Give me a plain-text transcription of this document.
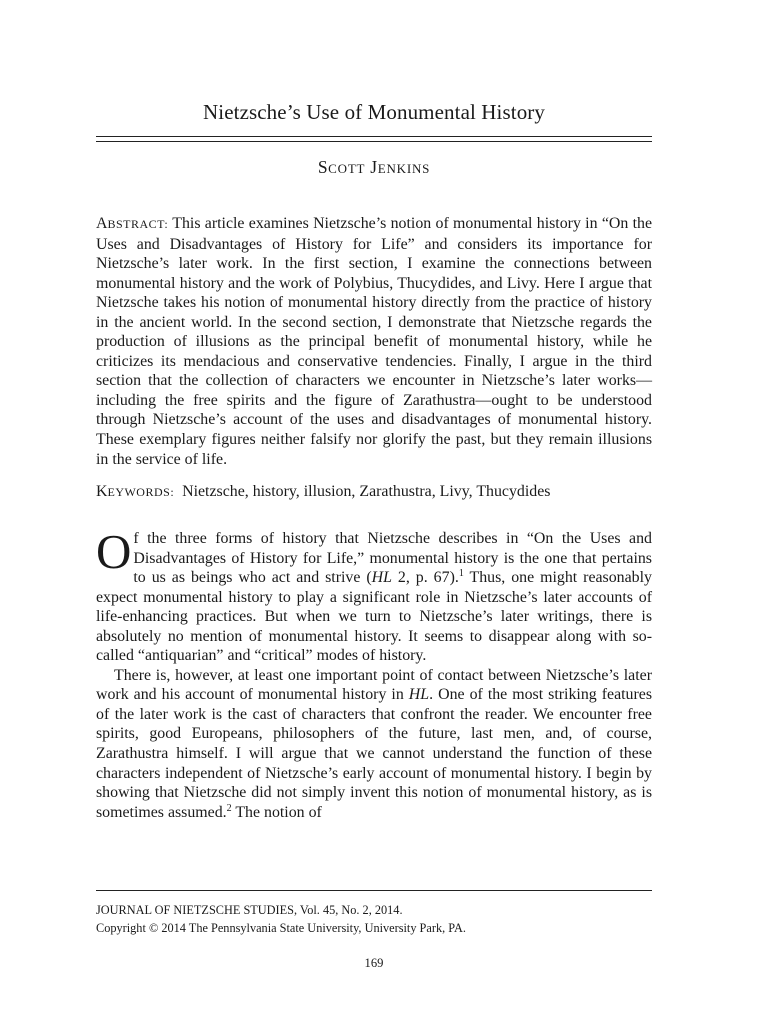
Nietzsche’s Use of Monumental History
SCOTT JENKINS

ABSTRACT: This article examines Nietzsche’s notion of monumental history in “On the Uses and Disadvantages of History for Life” and considers its importance for Nietzsche’s later work. In the first section, I examine the connections between monumental history and the work of Polybius, Thucydides, and Livy. Here I argue that Nietzsche takes his notion of monumental history directly from the practice of history in the ancient world. In the second section, I demonstrate that Nietzsche regards the production of illusions as the principal benefit of monumental history, while he criticizes its mendacious and conservative tendencies. Finally, I argue in the third section that the collection of characters we encounter in Nietzsche’s later works—including the free spirits and the figure of Zarathustra—ought to be understood through Nietzsche’s account of the uses and disadvantages of monumental history. These exemplary figures neither falsify nor glorify the past, but they remain illusions in the service of life.

KEYWORDS: Nietzsche, history, illusion, Zarathustra, Livy, Thucydides

Of the three forms of history that Nietzsche describes in “On the Uses and Disadvantages of History for Life,” monumental history is the one that pertains to us as beings who act and strive (HL 2, p. 67).$^1$ Thus, one might reasonably expect monumental history to play a significant role in Nietzsche’s later accounts of life-enhancing practices. But when we turn to Nietzsche’s later writings, there is absolutely no mention of monumental history. It seems to disappear along with so-called “antiquarian” and “critical” modes of history.

There is, however, at least one important point of contact between Nietzsche’s later work and his account of monumental history in HL. One of the most striking features of the later work is the cast of characters that confront the reader. We encounter free spirits, good Europeans, philosophers of the future, last men, and, of course, Zarathustra himself. I will argue that we cannot understand the function of these characters independent of Nietzsche’s early account of monumental history. I begin by showing that Nietzsche did not simply invent this notion of monumental history, as is sometimes assumed.$^2$ The notion of

JOURNAL OF NIETZSCHE STUDIES, Vol. 45, No. 2, 2014.
Copyright © 2014 The Pennsylvania State University, University Park, PA.
169
